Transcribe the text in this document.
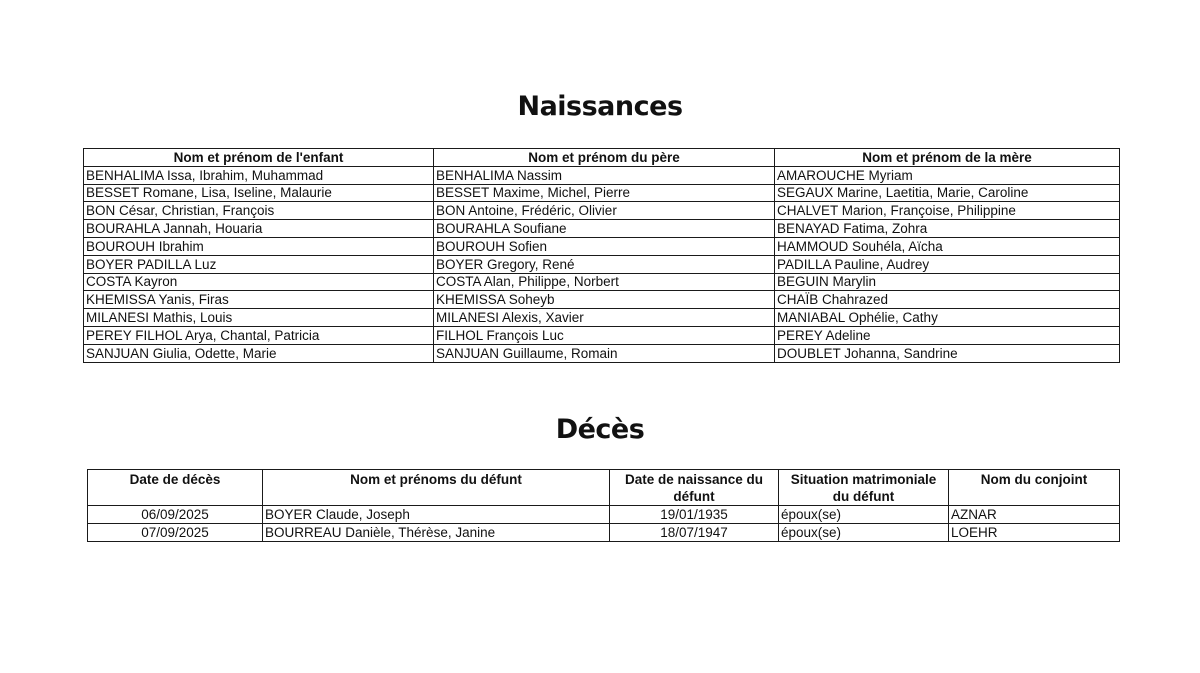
Naissances
Nom et prénom de l'enfant	Nom et prénom du père	Nom et prénom de la mère
BENHALIMA Issa, Ibrahim, Muhammad	BENHALIMA Nassim	AMAROUCHE Myriam
BESSET Romane, Lisa, Iseline, Malaurie	BESSET Maxime, Michel, Pierre	SEGAUX Marine, Laetitia, Marie, Caroline
BON César, Christian, François	BON Antoine, Frédéric, Olivier	CHALVET Marion, Françoise, Philippine
BOURAHLA Jannah, Houaria	BOURAHLA Soufiane	BENAYAD Fatima, Zohra
BOUROUH Ibrahim	BOUROUH Sofien	HAMMOUD Souhéla, Aïcha
BOYER PADILLA Luz	BOYER Gregory, René	PADILLA Pauline, Audrey
COSTA Kayron	COSTA Alan, Philippe, Norbert	BEGUIN Marylin
KHEMISSA Yanis, Firas	KHEMISSA Soheyb	CHAÏB Chahrazed
MILANESI Mathis, Louis	MILANESI Alexis, Xavier	MANIABAL Ophélie, Cathy
PEREY FILHOL Arya, Chantal, Patricia	FILHOL François Luc	PEREY Adeline
SANJUAN Giulia, Odette, Marie	SANJUAN Guillaume, Romain	DOUBLET Johanna, Sandrine
Décès
Date de décès	Nom et prénoms du défunt	Date de naissance du défunt	Situation matrimoniale du défunt	Nom du conjoint
06/09/2025	BOYER Claude, Joseph	19/01/1935	époux(se)	AZNAR
07/09/2025	BOURREAU Danièle, Thérèse, Janine	18/07/1947	époux(se)	LOEHR
